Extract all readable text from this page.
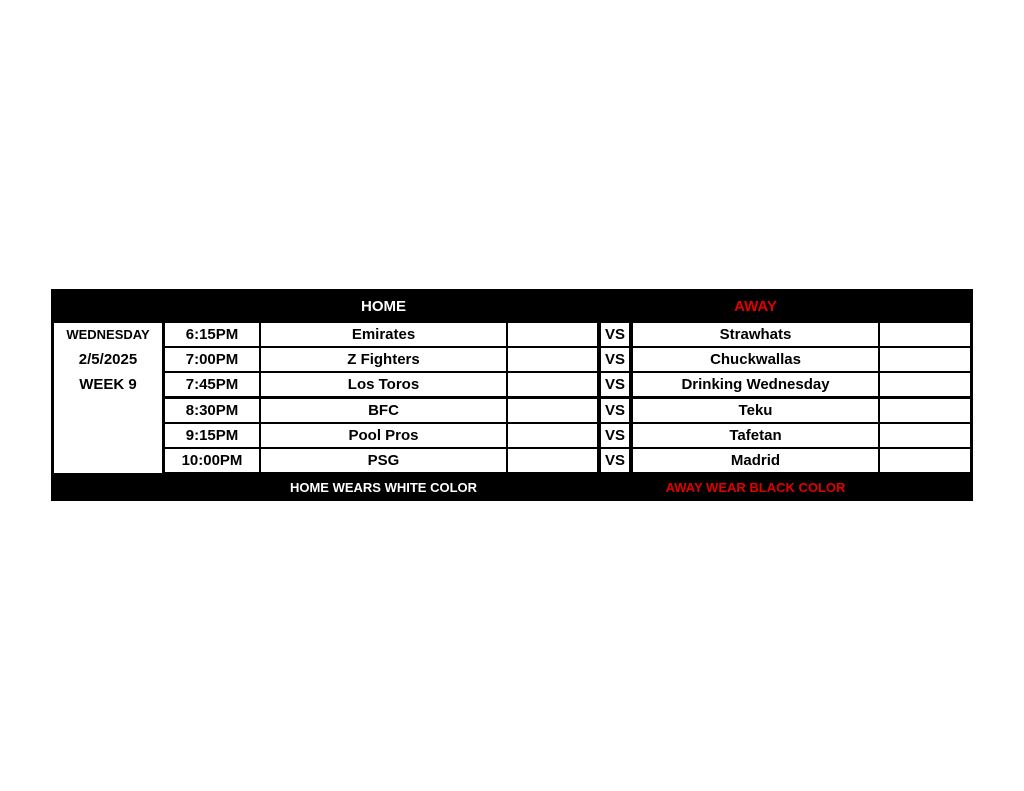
HOME	AWAY
WEDNESDAY
2/5/2025
WEEK 9
6:15PM	Emirates	VS	Strawhats
7:00PM	Z Fighters	VS	Chuckwallas
7:45PM	Los Toros	VS	Drinking Wednesday
8:30PM	BFC	VS	Teku
9:15PM	Pool Pros	VS	Tafetan
10:00PM	PSG	VS	Madrid
HOME WEARS WHITE COLOR	AWAY WEAR BLACK COLOR
